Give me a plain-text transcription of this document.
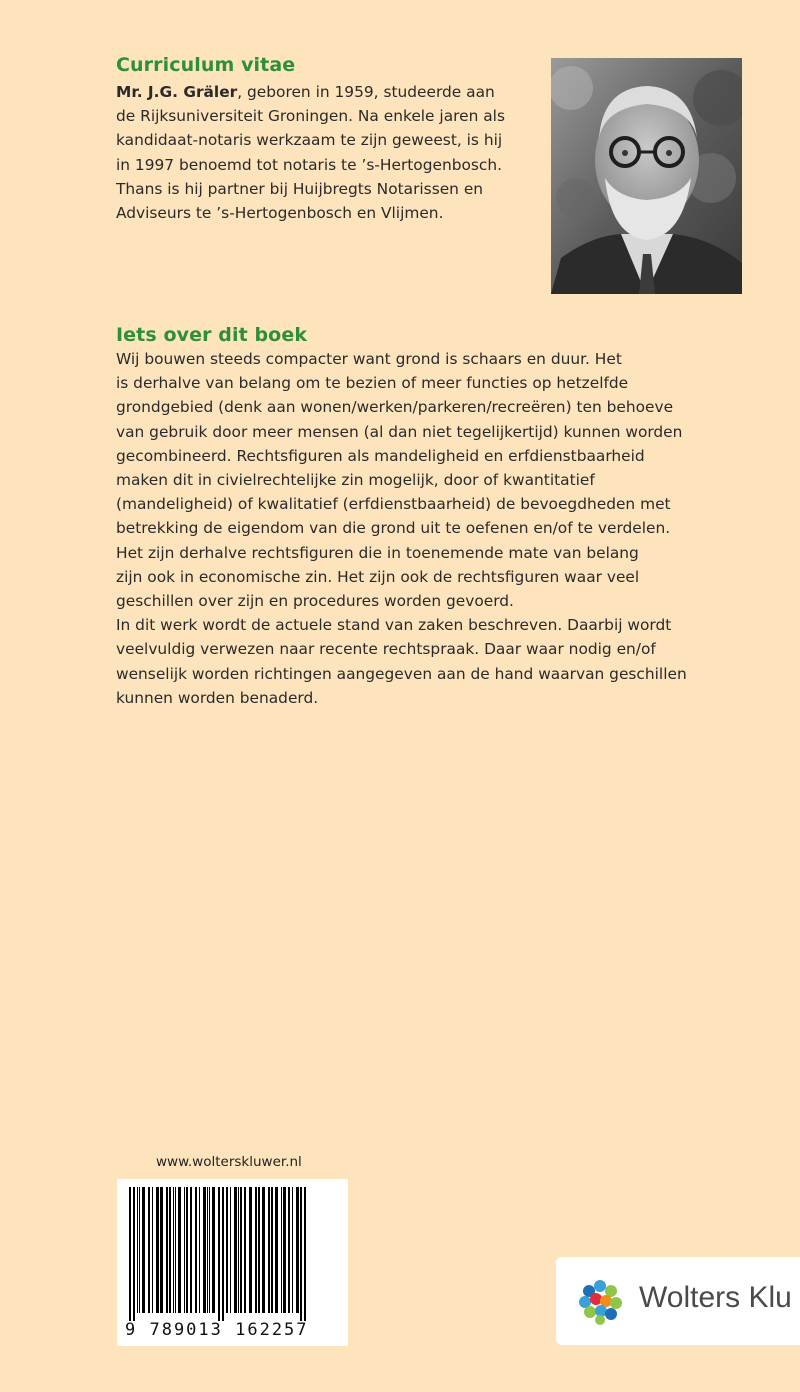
Curriculum vitae

Mr. J.G. Gräler, geboren in 1959, studeerde aan
de Rijksuniversiteit Groningen. Na enkele jaren als
kandidaat-notaris werkzaam te zijn geweest, is hij
in 1997 benoemd tot notaris te ’s-Hertogenbosch.
Thans is hij partner bij Huijbregts Notarissen en
Adviseurs te ’s-Hertogenbosch en Vlijmen.

Iets over dit boek

Wij bouwen steeds compacter want grond is schaars en duur. Het
is derhalve van belang om te bezien of meer functies op hetzelfde
grondgebied (denk aan wonen/werken/parkeren/recreëren) ten behoeve
van gebruik door meer mensen (al dan niet tegelijkertijd) kunnen worden
gecombineerd. Rechtsfiguren als mandeligheid en erfdienstbaarheid
maken dit in civielrechtelijke zin mogelijk, door of kwantitatief
(mandeligheid) of kwalitatief (erfdienstbaarheid) de bevoegdheden met
betrekking de eigendom van die grond uit te oefenen en/of te verdelen.
Het zijn derhalve rechtsfiguren die in toenemende mate van belang
zijn ook in economische zin. Het zijn ook de rechtsfiguren waar veel
geschillen over zijn en procedures worden gevoerd.
In dit werk wordt de actuele stand van zaken beschreven. Daarbij wordt
veelvuldig verwezen naar recente rechtspraak. Daar waar nodig en/of
wenselijk worden richtingen aangegeven aan de hand waarvan geschillen
kunnen worden benaderd.

www.wolterskluwer.nl
9 789013 162257
Wolters Klu
